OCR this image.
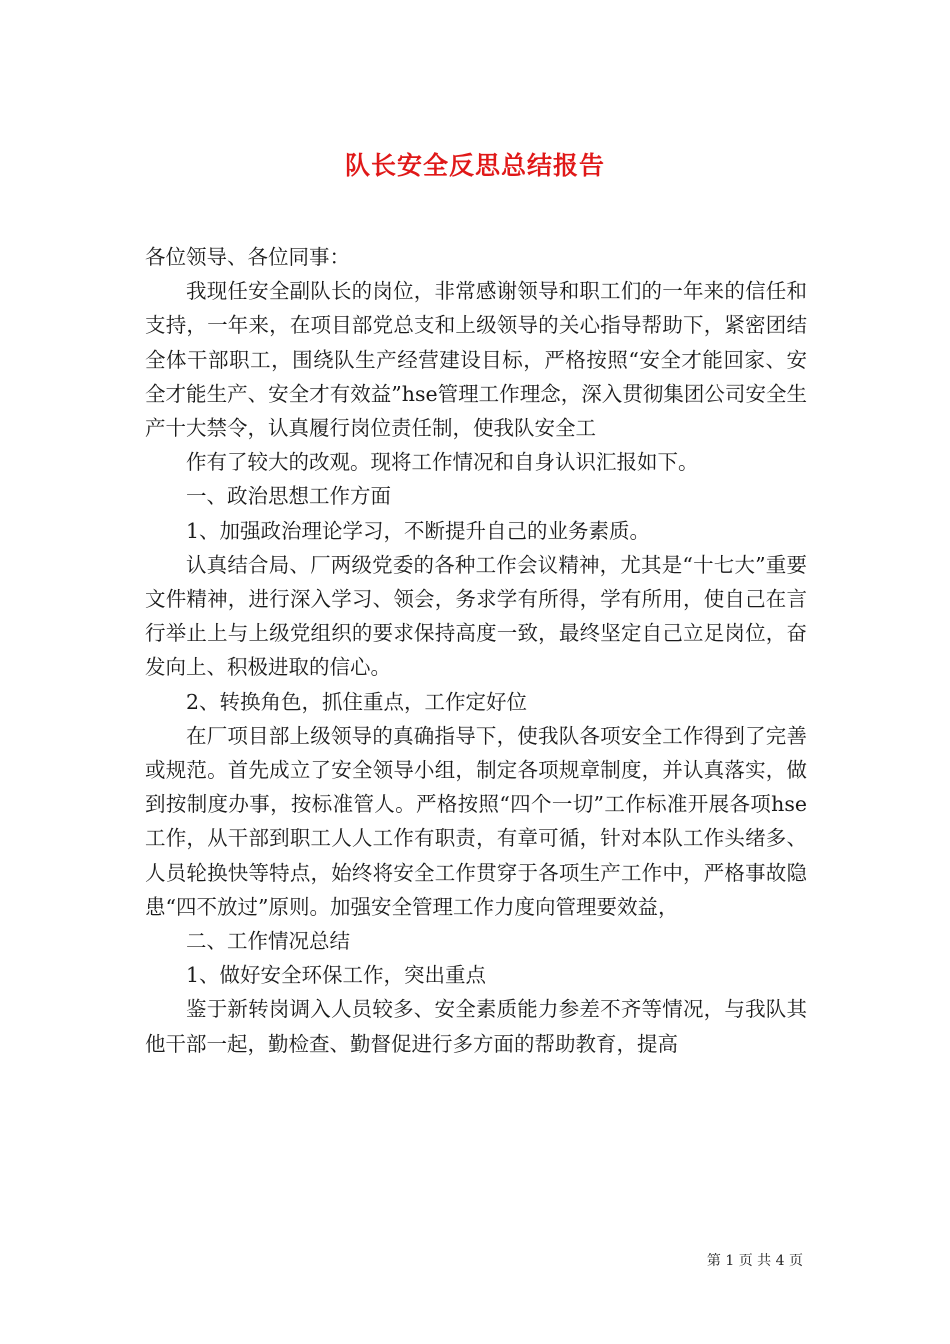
队长安全反思总结报告

各位领导、各位同事：

我现任安全副队长的岗位，非常感谢领导和职工们的一年来的信任和支持，一年来，在项目部党总支和上级领导的关心指导帮助下，紧密团结全体干部职工，围绕队生产经营建设目标，严格按照“安全才能回家、安全才能生产、安全才有效益”hse管理工作理念，深入贯彻集团公司安全生产十大禁令，认真履行岗位责任制，使我队安全工

作有了较大的改观。现将工作情况和自身认识汇报如下。

一、政治思想工作方面

1、加强政治理论学习，不断提升自己的业务素质。

认真结合局、厂两级党委的各种工作会议精神，尤其是“十七大”重要文件精神，进行深入学习、领会，务求学有所得，学有所用，使自己在言行举止上与上级党组织的要求保持高度一致，最终坚定自己立足岗位，奋发向上、积极进取的信心。

2、转换角色，抓住重点，工作定好位

在厂项目部上级领导的真确指导下，使我队各项安全工作得到了完善或规范。首先成立了安全领导小组，制定各项规章制度，并认真落实，做到按制度办事，按标准管人。严格按照“四个一切”工作标准开展各项hse工作，从干部到职工人人工作有职责，有章可循，针对本队工作头绪多、人员轮换快等特点，始终将安全工作贯穿于各项生产工作中，严格事故隐患“四不放过”原则。加强安全管理工作力度向管理要效益，

二、工作情况总结

1、做好安全环保工作，突出重点

鉴于新转岗调入人员较多、安全素质能力参差不齐等情况，与我队其他干部一起，勤检查、勤督促进行多方面的帮助教育，提高

第 1 页 共 4 页
